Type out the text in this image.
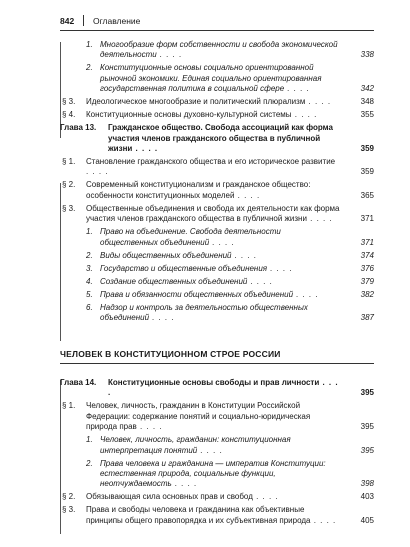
842 Оглавление
1. Многообразие форм собственности и свобода экономической деятельности . . . .	338
2. Конституционные основы социально ориентированной рыночной экономики. Единая социально ориентированная государственная политика в социальной сфере . . . .	342
§ 3.	Идеологическое многообразие и политический плюрализм . . . .	348
§ 4.	Конституционные основы духовно-культурной системы . . . .	355
Глава 13.	Гражданское общество. Свобода ассоциаций как форма участия членов гражданского общества в публичной жизни . . . .	359
§ 1.	Становление гражданского общества и его историческое развитие . . . .	359
§ 2.	Современный конституционализм и гражданское общество: особенности конституционных моделей . . . .	365
§ 3.	Общественные объединения и свобода их деятельности как форма участия членов гражданского общества в публичной жизни . . . .	371
1. Право на объединение. Свобода деятельности общественных объединений . . . .	371
2. Виды общественных объединений . . . .	374
3. Государство и общественные объединения . . . .	376
4. Создание общественных объединений . . . .	379
5. Права и обязанности общественных объединений . . . .	382
6. Надзор и контроль за деятельностью общественных объединений . . . .	387
ЧЕЛОВЕК В КОНСТИТУЦИОННОМ СТРОЕ РОССИИ
Глава 14.	Конституционные основы свободы и прав личности . . . .	395
§ 1.	Человек, личность, гражданин в Конституции Российской Федерации: содержание понятий и социально-юридическая природа прав . . . .	395
1. Человек, личность, гражданин: конституционная интерпретация понятий . . . .	395
2. Права человека и гражданина — императив Конституции: естественная природа, социальные функции, неотчуждаемость . . . .	398
§ 2.	Обязывающая сила основных прав и свобод . . . .	403
§ 3.	Права и свободы человека и гражданина как объективные принципы общего правопорядка и их субъективная природа . . . .	405
